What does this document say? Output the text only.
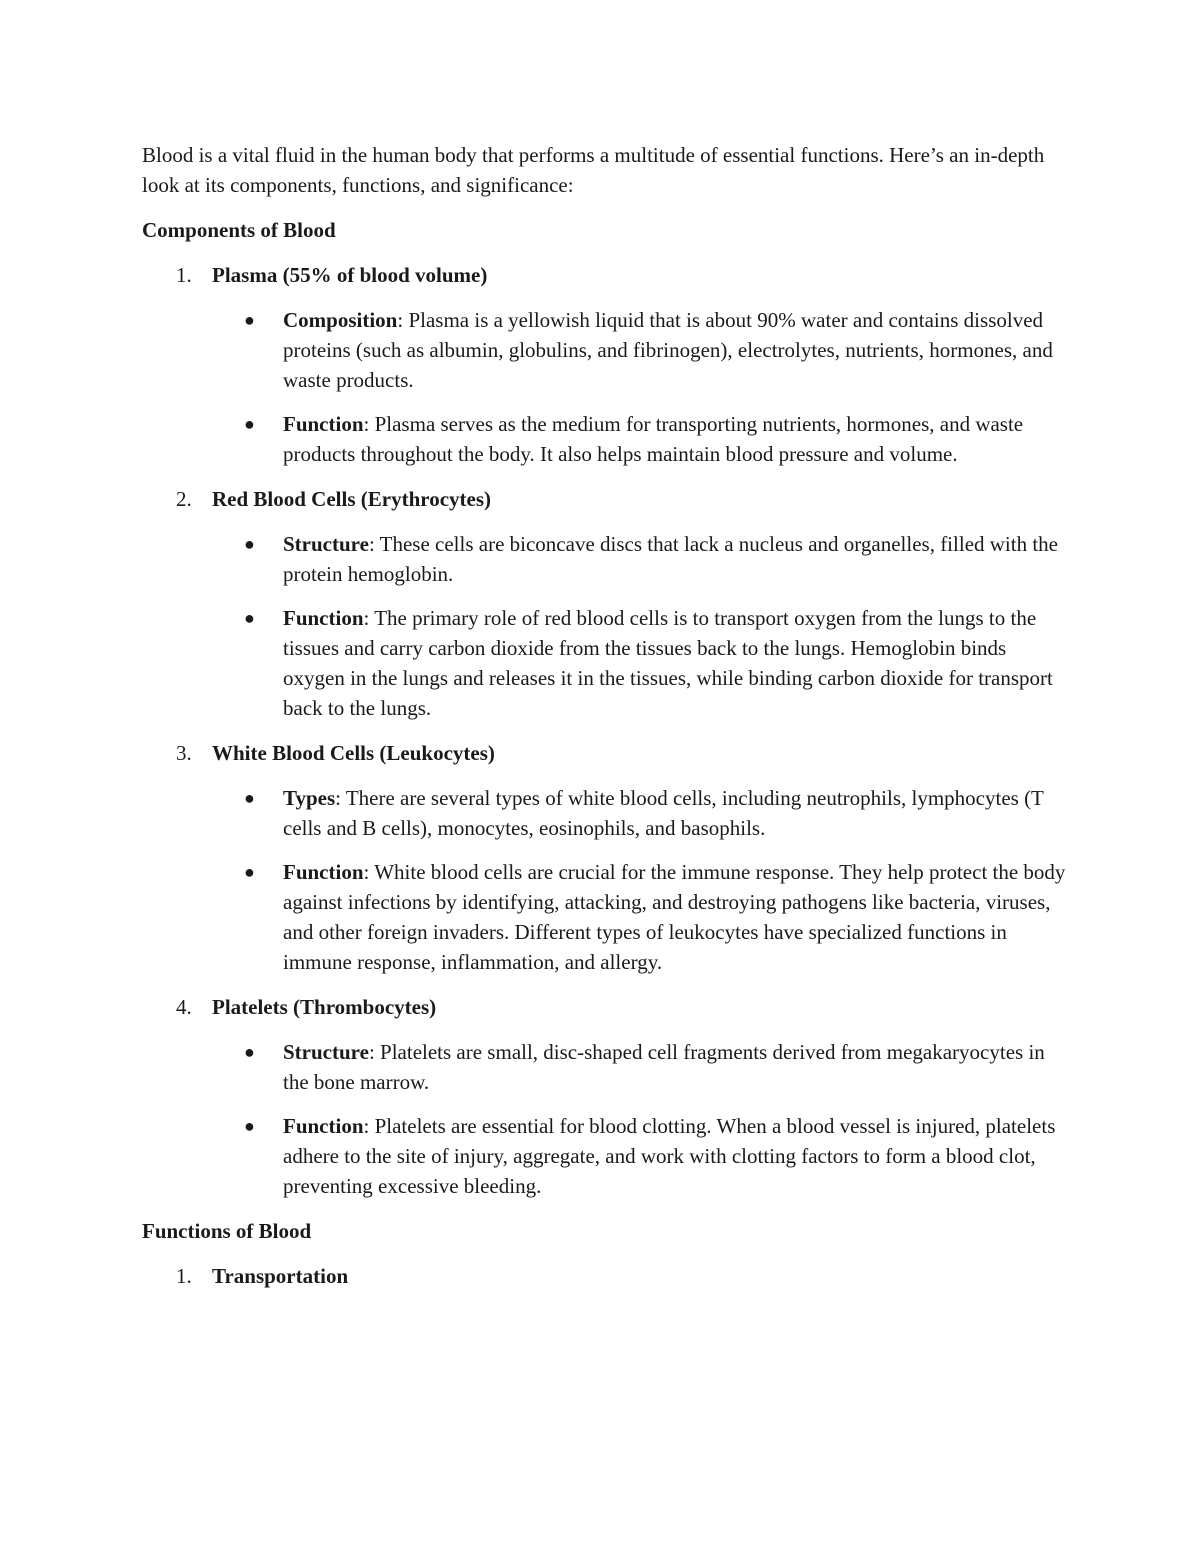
Blood is a vital fluid in the human body that performs a multitude of essential functions. Here’s an in-depth look at its components, functions, and significance:

Components of Blood

1. Plasma (55% of blood volume)
● Composition: Plasma is a yellowish liquid that is about 90% water and contains dissolved proteins (such as albumin, globulins, and fibrinogen), electrolytes, nutrients, hormones, and waste products.
● Function: Plasma serves as the medium for transporting nutrients, hormones, and waste products throughout the body. It also helps maintain blood pressure and volume.
2. Red Blood Cells (Erythrocytes)
● Structure: These cells are biconcave discs that lack a nucleus and organelles, filled with the protein hemoglobin.
● Function: The primary role of red blood cells is to transport oxygen from the lungs to the tissues and carry carbon dioxide from the tissues back to the lungs. Hemoglobin binds oxygen in the lungs and releases it in the tissues, while binding carbon dioxide for transport back to the lungs.
3. White Blood Cells (Leukocytes)
● Types: There are several types of white blood cells, including neutrophils, lymphocytes (T cells and B cells), monocytes, eosinophils, and basophils.
● Function: White blood cells are crucial for the immune response. They help protect the body against infections by identifying, attacking, and destroying pathogens like bacteria, viruses, and other foreign invaders. Different types of leukocytes have specialized functions in immune response, inflammation, and allergy.
4. Platelets (Thrombocytes)
● Structure: Platelets are small, disc-shaped cell fragments derived from megakaryocytes in the bone marrow.
● Function: Platelets are essential for blood clotting. When a blood vessel is injured, platelets adhere to the site of injury, aggregate, and work with clotting factors to form a blood clot, preventing excessive bleeding.

Functions of Blood

1. Transportation
